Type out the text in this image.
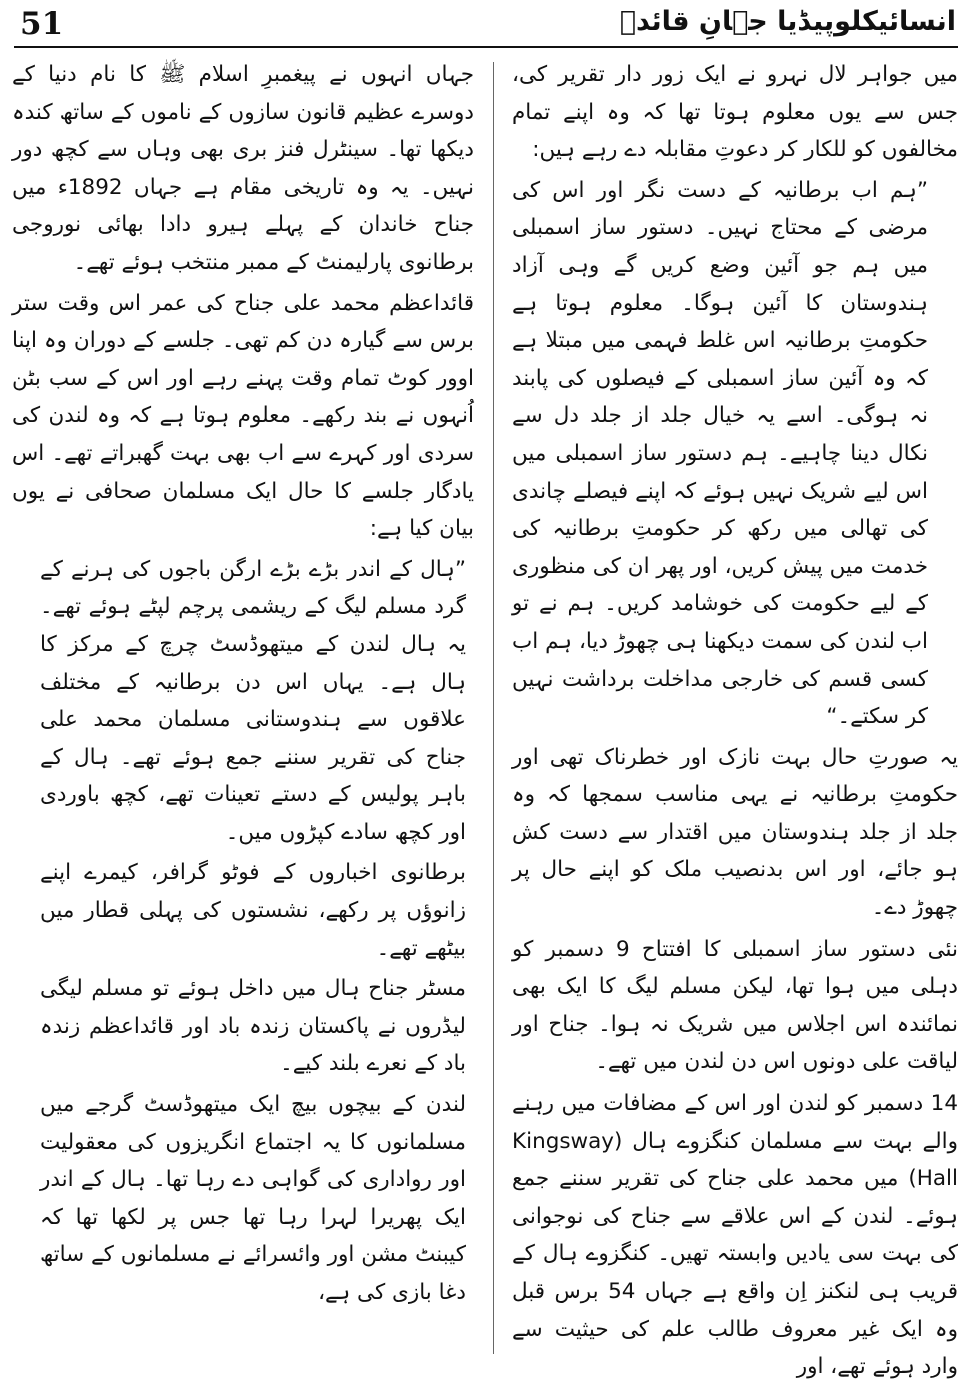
51	انسائیکلوپیڈیا جہانِ قائدؒ

میں جواہر لال نہرو نے ایک زور دار تقریر کی، جس سے یوں معلوم ہوتا تھا کہ وہ اپنے تمام مخالفوں کو للکار کر دعوتِ مقابلہ دے رہے ہیں:

”ہم اب برطانیہ کے دست نگر اور اس کی مرضی کے محتاج نہیں۔ دستور ساز اسمبلی میں ہم جو آئین وضع کریں گے وہی آزاد ہندوستان کا آئین ہوگا۔ معلوم ہوتا ہے حکومتِ برطانیہ اس غلط فہمی میں مبتلا ہے کہ وہ آئین ساز اسمبلی کے فیصلوں کی پابند نہ ہوگی۔ اسے یہ خیال جلد از جلد دل سے نکال دینا چاہیے۔ ہم دستور ساز اسمبلی میں اس لیے شریک نہیں ہوئے کہ اپنے فیصلے چاندی کی تھالی میں رکھ کر حکومتِ برطانیہ کی خدمت میں پیش کریں، اور پھر ان کی منظوری کے لیے حکومت کی خوشامد کریں۔ ہم نے تو اب لندن کی سمت دیکھنا ہی چھوڑ دیا، ہم اب کسی قسم کی خارجی مداخلت برداشت نہیں کر سکتے۔“

یہ صورتِ حال بہت نازک اور خطرناک تھی اور حکومتِ برطانیہ نے یہی مناسب سمجھا کہ وہ جلد از جلد ہندوستان میں اقتدار سے دست کش ہو جائے، اور اس بدنصیب ملک کو اپنے حال پر چھوڑ دے۔

نئی دستور ساز اسمبلی کا افتتاح 9 دسمبر کو دہلی میں ہوا تھا، لیکن مسلم لیگ کا ایک بھی نمائندہ اس اجلاس میں شریک نہ ہوا۔ جناح اور لیاقت علی دونوں اس دن لندن میں تھے۔

14 دسمبر کو لندن اور اس کے مضافات میں رہنے والے بہت سے مسلمان کنگزوے ہال (Kingsway Hall) میں محمد علی جناح کی تقریر سننے جمع ہوئے۔ لندن کے اس علاقے سے جناح کی نوجوانی کی بہت سی یادیں وابستہ تھیں۔ کنگزوے ہال کے قریب ہی لنکنز اِن واقع ہے جہاں 54 برس قبل وہ ایک غیر معروف طالب علم کی حیثیت سے وارد ہوئے تھے، اور

جہاں انہوں نے پیغمبرِ اسلام ﷺ کا نام دنیا کے دوسرے عظیم قانون سازوں کے ناموں کے ساتھ کندہ دیکھا تھا۔ سینٹرل فنز بری بھی وہاں سے کچھ دور نہیں۔ یہ وہ تاریخی مقام ہے جہاں 1892ء میں جناح خاندان کے پہلے ہیرو دادا بھائی نوروجی برطانوی پارلیمنٹ کے ممبر منتخب ہوئے تھے۔

قائداعظم محمد علی جناح کی عمر اس وقت ستر برس سے گیارہ دن کم تھی۔ جلسے کے دوران وہ اپنا اوور کوٹ تمام وقت پہنے رہے اور اس کے سب بٹن اُنہوں نے بند رکھے۔ معلوم ہوتا ہے کہ وہ لندن کی سردی اور کہرے سے اب بھی بہت گھبراتے تھے۔ اس یادگار جلسے کا حال ایک مسلمان صحافی نے یوں بیان کیا ہے:

”ہال کے اندر بڑے بڑے ارگن باجوں کی ہرنے کے گرد مسلم لیگ کے ریشمی پرچم لپٹے ہوئے تھے۔ یہ ہال لندن کے میتھوڈسٹ چرچ کے مرکز کا ہال ہے۔ یہاں اس دن برطانیہ کے مختلف علاقوں سے ہندوستانی مسلمان محمد علی جناح کی تقریر سننے جمع ہوئے تھے۔ ہال کے باہر پولیس کے دستے تعینات تھے، کچھ باوردی اور کچھ سادے کپڑوں میں۔

برطانوی اخباروں کے فوٹو گرافر، کیمرے اپنے زانوؤں پر رکھے، نشستوں کی پہلی قطار میں بیٹھے تھے۔

مسٹر جناح ہال میں داخل ہوئے تو مسلم لیگی لیڈروں نے پاکستان زندہ باد اور قائداعظم زندہ باد کے نعرے بلند کیے۔

لندن کے بیچوں بیچ ایک میتھوڈسٹ گرجے میں مسلمانوں کا یہ اجتماع انگریزوں کی معقولیت اور رواداری کی گواہی دے رہا تھا۔ ہال کے اندر ایک پھریرا لہرا رہا تھا جس پر لکھا تھا کہ کیبنٹ مشن اور وائسرائے نے مسلمانوں کے ساتھ دغا بازی کی ہے،
